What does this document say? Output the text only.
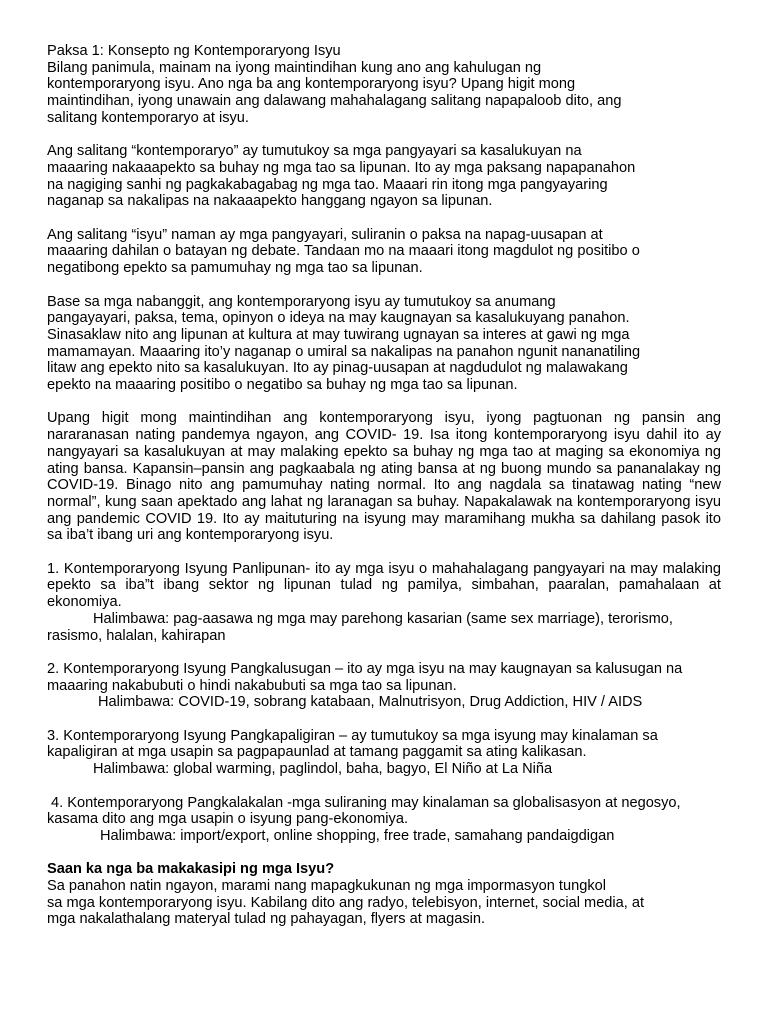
Paksa 1: Konsepto ng Kontemporaryong Isyu

Bilang panimula, mainam na iyong maintindihan kung ano ang kahulugan ng
kontemporaryong isyu. Ano nga ba ang kontemporaryong isyu? Upang higit mong
maintindihan, iyong unawain ang dalawang mahahalagang salitang napapaloob dito, ang
salitang kontemporaryo at isyu.

Ang salitang “kontemporaryo” ay tumutukoy sa mga pangyayari sa kasalukuyan na
maaaring nakaaapekto sa buhay ng mga tao sa lipunan. Ito ay mga paksang napapanahon
na nagiging sanhi ng pagkakabagabag ng mga tao. Maaari rin itong mga pangyayaring
naganap sa nakalipas na nakaaapekto hanggang ngayon sa lipunan.

Ang salitang “isyu” naman ay mga pangyayari, suliranin o paksa na napag-uusapan at
maaaring dahilan o batayan ng debate. Tandaan mo na maaari itong magdulot ng positibo o
negatibong epekto sa pamumuhay ng mga tao sa lipunan.

Base sa mga nabanggit, ang kontemporaryong isyu ay tumutukoy sa anumang
pangayayari, paksa, tema, opinyon o ideya na may kaugnayan sa kasalukuyang panahon.
Sinasaklaw nito ang lipunan at kultura at may tuwirang ugnayan sa interes at gawi ng mga
mamamayan. Maaaring ito’y naganap o umiral sa nakalipas na panahon ngunit nananatiling
litaw ang epekto nito sa kasalukuyan. Ito ay pinag-uusapan at nagdudulot ng malawakang
epekto na maaaring positibo o negatibo sa buhay ng mga tao sa lipunan.

Upang higit mong maintindihan ang kontemporaryong isyu, iyong pagtuonan ng pansin ang nararanasan nating pandemya ngayon, ang COVID- 19. Isa itong kontemporaryong isyu dahil ito ay nangyayari sa kasalukuyan at may malaking epekto sa buhay ng mga tao at maging sa ekonomiya ng ating bansa. Kapansin–pansin ang pagkaabala ng ating bansa at ng buong mundo sa pananalakay ng COVID-19. Binago nito ang pamumuhay nating normal. Ito ang nagdala sa tinatawag nating “new normal”, kung saan apektado ang lahat ng laranagan sa buhay. Napakalawak na kontemporaryong isyu ang pandemic COVID 19. Ito ay maituturing na isyung may maramihang mukha sa dahilang pasok ito sa iba’t ibang uri ang kontemporaryong isyu.

1. Kontemporaryong Isyung Panlipunan- ito ay mga isyu o mahahalagang pangyayari na may malaking epekto sa iba”t ibang sektor ng lipunan tulad ng pamilya, simbahan, paaralan, pamahalaan at ekonomiya.

Halimbawa: pag-aasawa ng mga may parehong kasarian (same sex marriage), terorismo,

rasismo, halalan, kahirapan

2. Kontemporaryong Isyung Pangkalusugan – ito ay mga isyu na may kaugnayan sa kalusugan na
maaaring nakabubuti o hindi nakabubuti sa mga tao sa lipunan.

Halimbawa: COVID-19, sobrang katabaan, Malnutrisyon, Drug Addiction, HIV / AIDS

3. Kontemporaryong Isyung Pangkapaligiran – ay tumutukoy sa mga isyung may kinalaman sa
kapaligiran at mga usapin sa pagpapaunlad at tamang paggamit sa ating kalikasan.

Halimbawa: global warming, paglindol, baha, bagyo, El Niño at La Niña

4. Kontemporaryong Pangkalakalan -mga suliraning may kinalaman sa globalisasyon at negosyo,
kasama dito ang mga usapin o isyung pang-ekonomiya.

Halimbawa: import/export, online shopping, free trade, samahang pandaigdigan

Saan ka nga ba makakasipi ng mga Isyu?

Sa panahon natin ngayon, marami nang mapagkukunan ng mga impormasyon tungkol
sa mga kontemporaryong isyu. Kabilang dito ang radyo, telebisyon, internet, social media, at
mga nakalathalang materyal tulad ng pahayagan, flyers at magasin.
